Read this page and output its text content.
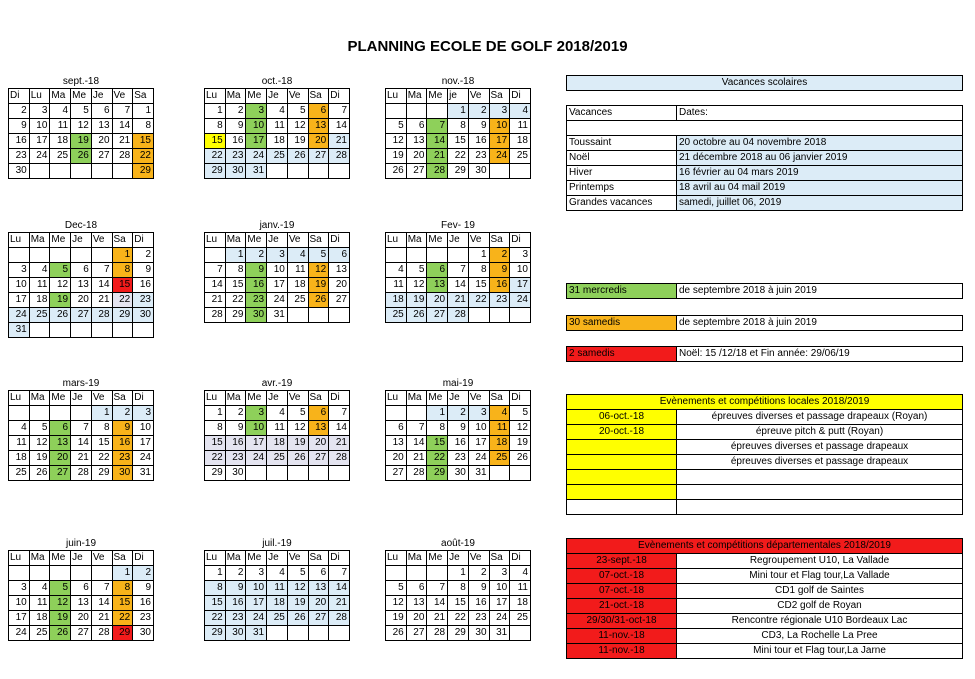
PLANNING ECOLE DE GOLF 2018/2019
sept.-18
Di	Lu	Ma	Me	Je	Ve	Sa
2	3	4	5	6	7	1
9	10	11	12	13	14	8
16	17	18	19	20	21	15
23	24	25	26	27	28	22
30						29
oct.-18
Lu	Ma	Me	Je	Ve	Sa	Di
1	2	3	4	5	6	7
8	9	10	11	12	13	14
15	16	17	18	19	20	21
22	23	24	25	26	27	28
29	30	31				
nov.-18
Lu	Ma	Me	je	Ve	Sa	Di
			1	2	3	4
5	6	7	8	9	10	11
12	13	14	15	16	17	18
19	20	21	22	23	24	25
26	27	28	29	30		
Dec-18
Lu	Ma	Me	Je	Ve	Sa	Di
					1	2
3	4	5	6	7	8	9
10	11	12	13	14	15	16
17	18	19	20	21	22	23
24	25	26	27	28	29	30
31						
janv.-19
Lu	Ma	Me	Je	Ve	Sa	Di
	1	2	3	4	5	6
7	8	9	10	11	12	13
14	15	16	17	18	19	20
21	22	23	24	25	26	27
28	29	30	31			
Fev- 19
Lu	Ma	Me	Je	Ve	Sa	Di
				1	2	3
4	5	6	7	8	9	10
11	12	13	14	15	16	17
18	19	20	21	22	23	24
25	26	27	28			
mars-19
Lu	Ma	Me	Je	Ve	Sa	Di
				1	2	3
4	5	6	7	8	9	10
11	12	13	14	15	16	17
18	19	20	21	22	23	24
25	26	27	28	29	30	31
avr.-19
Lu	Ma	Me	Je	Ve	Sa	Di
1	2	3	4	5	6	7
8	9	10	11	12	13	14
15	16	17	18	19	20	21
22	23	24	25	26	27	28
29	30					
mai-19
Lu	Ma	Me	Je	Ve	Sa	Di
		1	2	3	4	5
6	7	8	9	10	11	12
13	14	15	16	17	18	19
20	21	22	23	24	25	26
27	28	29	30	31		
juin-19
Lu	Ma	Me	Je	Ve	Sa	Di
					1	2
3	4	5	6	7	8	9
10	11	12	13	14	15	16
17	18	19	20	21	22	23
24	25	26	27	28	29	30
juil.-19
Lu	Ma	Me	Je	Ve	Sa	Di
1	2	3	4	5	6	7
8	9	10	11	12	13	14
15	16	17	18	19	20	21
22	23	24	25	26	27	28
29	30	31				
août-19
Lu	Ma	Me	Je	Ve	Sa	Di
			1	2	3	4
5	6	7	8	9	10	11
12	13	14	15	16	17	18
19	20	21	22	23	24	25
26	27	28	29	30	31	
Vacances scolaires	

Vacances	Dates:

Toussaint	20 octobre au 04 novembre 2018
Noël	21 décembre 2018 au 06 janvier 2019
Hiver	16 février au 04 mars 2019
Printemps	18 avril au 04 mail 2019
Grandes vacances	samedi, juillet 06, 2019
31 mercredis	de septembre 2018 à juin 2019
30 samedis	de septembre 2018 à juin 2019
2 samedis	Noël: 15 /12/18 et Fin année: 29/06/19
Evènements et compétitions locales 2018/2019	
06-oct.-18	épreuves diverses et passage drapeaux (Royan)
20-oct.-18	épreuve pitch & putt (Royan)
	épreuves diverses et passage drapeaux
	épreuves diverses et passage drapeaux

Evènements et compétitions départementales 2018/2019	
23-sept.-18	Regroupement U10, La Vallade
07-oct.-18	Mini tour et Flag tour,La Vallade
07-oct.-18	CD1 golf de Saintes
21-oct.-18	CD2 golf de Royan
29/30/31-oct-18	Rencontre régionale U10 Bordeaux Lac
11-nov.-18	CD3, La Rochelle La Pree
11-nov.-18	Mini tour et Flag tour,La Jarne
